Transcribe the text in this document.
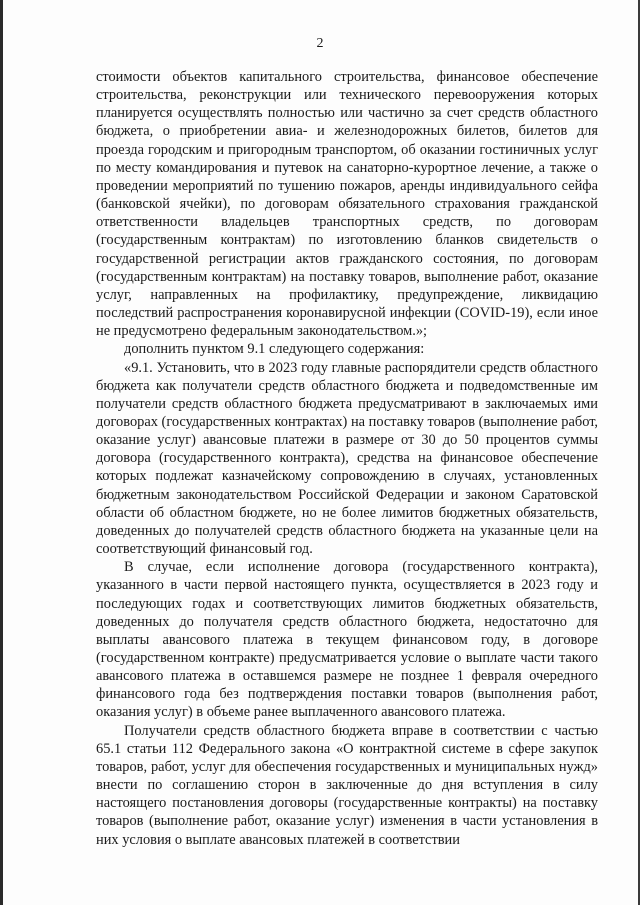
2

стоимости объектов капитального строительства, финансовое обеспечение строительства, реконструкции или технического перевооружения которых планируется осуществлять полностью или частично за счет средств областного бюджета, о приобретении авиа- и железнодорожных билетов, билетов для проезда городским и пригородным транспортом, об оказании гостиничных услуг по месту командирования и путевок на санаторно-курортное лечение, а также о проведении мероприятий по тушению пожаров, аренды индивидуального сейфа (банковской ячейки), по договорам обязательного страхования гражданской ответственности владельцев транспортных средств, по договорам (государственным контрактам) по изготовлению бланков свидетельств о государственной регистрации актов гражданского состояния, по договорам (государственным контрактам) на поставку товаров, выполнение работ, оказание услуг, направленных на профилактику, предупреждение, ликвидацию последствий распространения коронавирусной инфекции (COVID-19), если иное не предусмотрено федеральным законодательством.»;

дополнить пунктом 9.1 следующего содержания:

«9.1. Установить, что в 2023 году главные распорядители средств областного бюджета как получатели средств областного бюджета и подведомственные им получатели средств областного бюджета предусматривают в заключаемых ими договорах (государственных контрактах) на поставку товаров (выполнение работ, оказание услуг) авансовые платежи в размере от 30 до 50 процентов суммы договора (государственного контракта), средства на финансовое обеспечение которых подлежат казначейскому сопровождению в случаях, установленных бюджетным законодательством Российской Федерации и законом Саратовской области об областном бюджете, но не более лимитов бюджетных обязательств, доведенных до получателей средств областного бюджета на указанные цели на соответствующий финансовый год.

В случае, если исполнение договора (государственного контракта), указанного в части первой настоящего пункта, осуществляется в 2023 году и последующих годах и соответствующих лимитов бюджетных обязательств, доведенных до получателя средств областного бюджета, недостаточно для выплаты авансового платежа в текущем финансовом году, в договоре (государственном контракте) предусматривается условие о выплате части такого авансового платежа в оставшемся размере не позднее 1 февраля очередного финансового года без подтверждения поставки товаров (выполнения работ, оказания услуг) в объеме ранее выплаченного авансового платежа.

Получатели средств областного бюджета вправе в соответствии с частью 65.1 статьи 112 Федерального закона «О контрактной системе в сфере закупок товаров, работ, услуг для обеспечения государственных и муниципальных нужд» внести по соглашению сторон в заключенные до дня вступления в силу настоящего постановления договоры (государственные контракты) на поставку товаров (выполнение работ, оказание услуг) изменения в части установления в них условия о выплате авансовых платежей в соответствии
